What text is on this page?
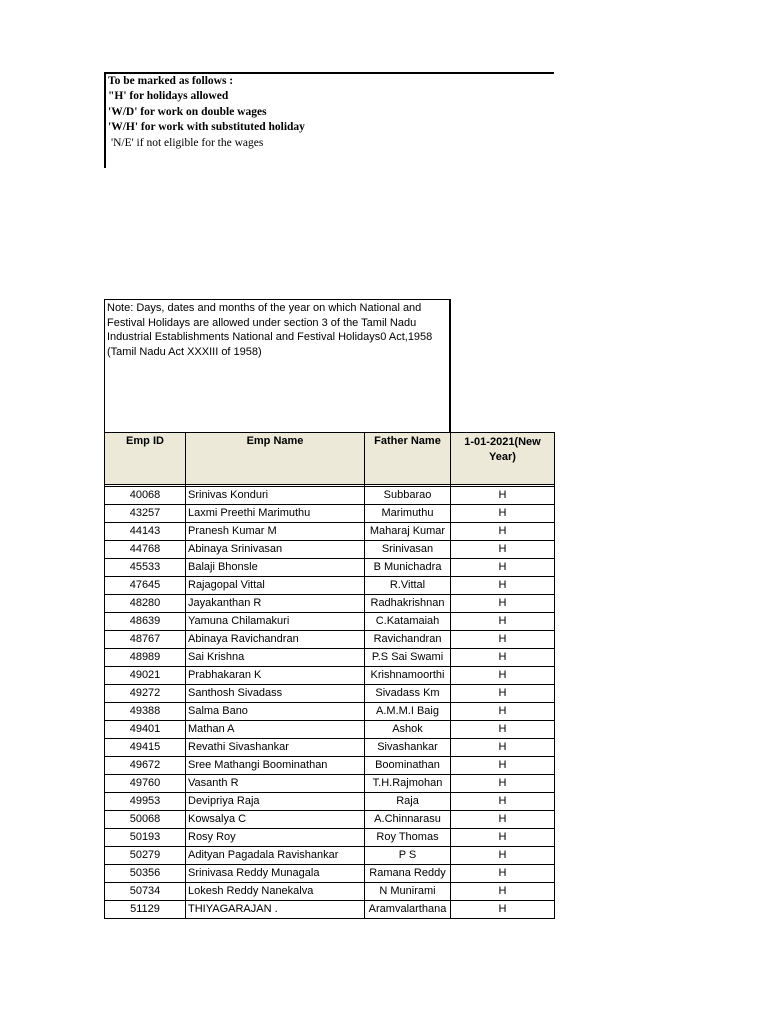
To be marked as follows :
"H' for holidays allowed
'W/D' for work on double wages
'W/H' for work with substituted holiday
'N/E' if not eligible for the wages
Note: Days, dates and months of the year on which National and Festival Holidays are allowed under section 3 of the Tamil Nadu Industrial Establishments National and Festival Holidays0 Act,1958 (Tamil Nadu Act XXXIII of 1958)
Emp ID	Emp Name	Father Name	1-01-2021(New Year)

40068	Srinivas Konduri	Subbarao	H
43257	Laxmi Preethi Marimuthu	Marimuthu	H
44143	Pranesh Kumar M	Maharaj Kumar	H
44768	Abinaya Srinivasan	Srinivasan	H
45533	Balaji Bhonsle	B Munichadra	H
47645	Rajagopal Vittal	R.Vittal	H
48280	Jayakanthan R	Radhakrishnan	H
48639	Yamuna Chilamakuri	C.Katamaiah	H
48767	Abinaya Ravichandran	Ravichandran	H
48989	Sai Krishna	P.S Sai Swami	H
49021	Prabhakaran K	Krishnamoorthi	H
49272	Santhosh Sivadass	Sivadass Km	H
49388	Salma Bano	A.M.M.I Baig	H
49401	Mathan A	Ashok	H
49415	Revathi Sivashankar	Sivashankar	H
49672	Sree Mathangi Boominathan	Boominathan	H
49760	Vasanth R	T.H.Rajmohan	H
49953	Devipriya Raja	Raja	H
50068	Kowsalya C	A.Chinnarasu	H
50193	Rosy Roy	Roy Thomas	H
50279	Adityan Pagadala Ravishankar	P S	H
50356	Srinivasa Reddy Munagala	Ramana Reddy	H
50734	Lokesh Reddy Nanekalva	N Munirami	H
51129	THIYAGARAJAN .	Aramvalarthana	H
